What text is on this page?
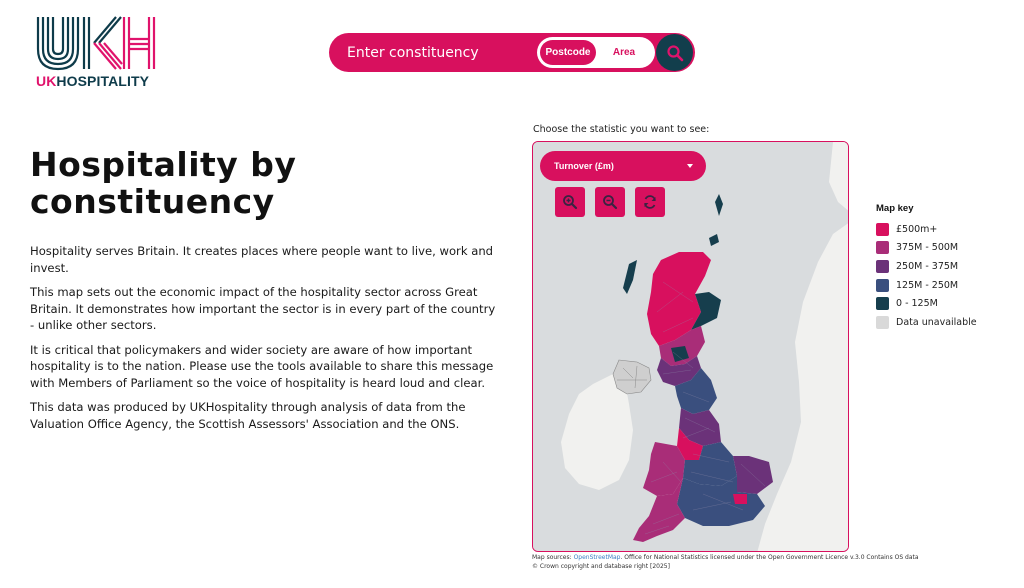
UKHOSPITALITY
Enter constituency
Postcode	Area
Hospitality by constituency

Hospitality serves Britain. It creates places where people want to live, work and invest.

This map sets out the economic impact of the hospitality sector across Great Britain. It demonstrates how important the sector is in every part of the country - unlike other sectors.

It is critical that policymakers and wider society are aware of how important hospitality is to the nation. Please use the tools available to share this message with Members of Parliament so the voice of hospitality is heard loud and clear.

This data was produced by UKHospitality through analysis of data from the Valuation Office Agency, the Scottish Assessors' Association and the ONS.

Choose the statistic you want to see:
Turnover (£m)
Map sources: OpenStreetMap. Office for National Statistics licensed under the Open Government Licence v.3.0 Contains OS data
© Crown copyright and database right [2025]
Map key
£500m+
375M - 500M
250M - 375M
125M - 250M
0 - 125M
Data unavailable
